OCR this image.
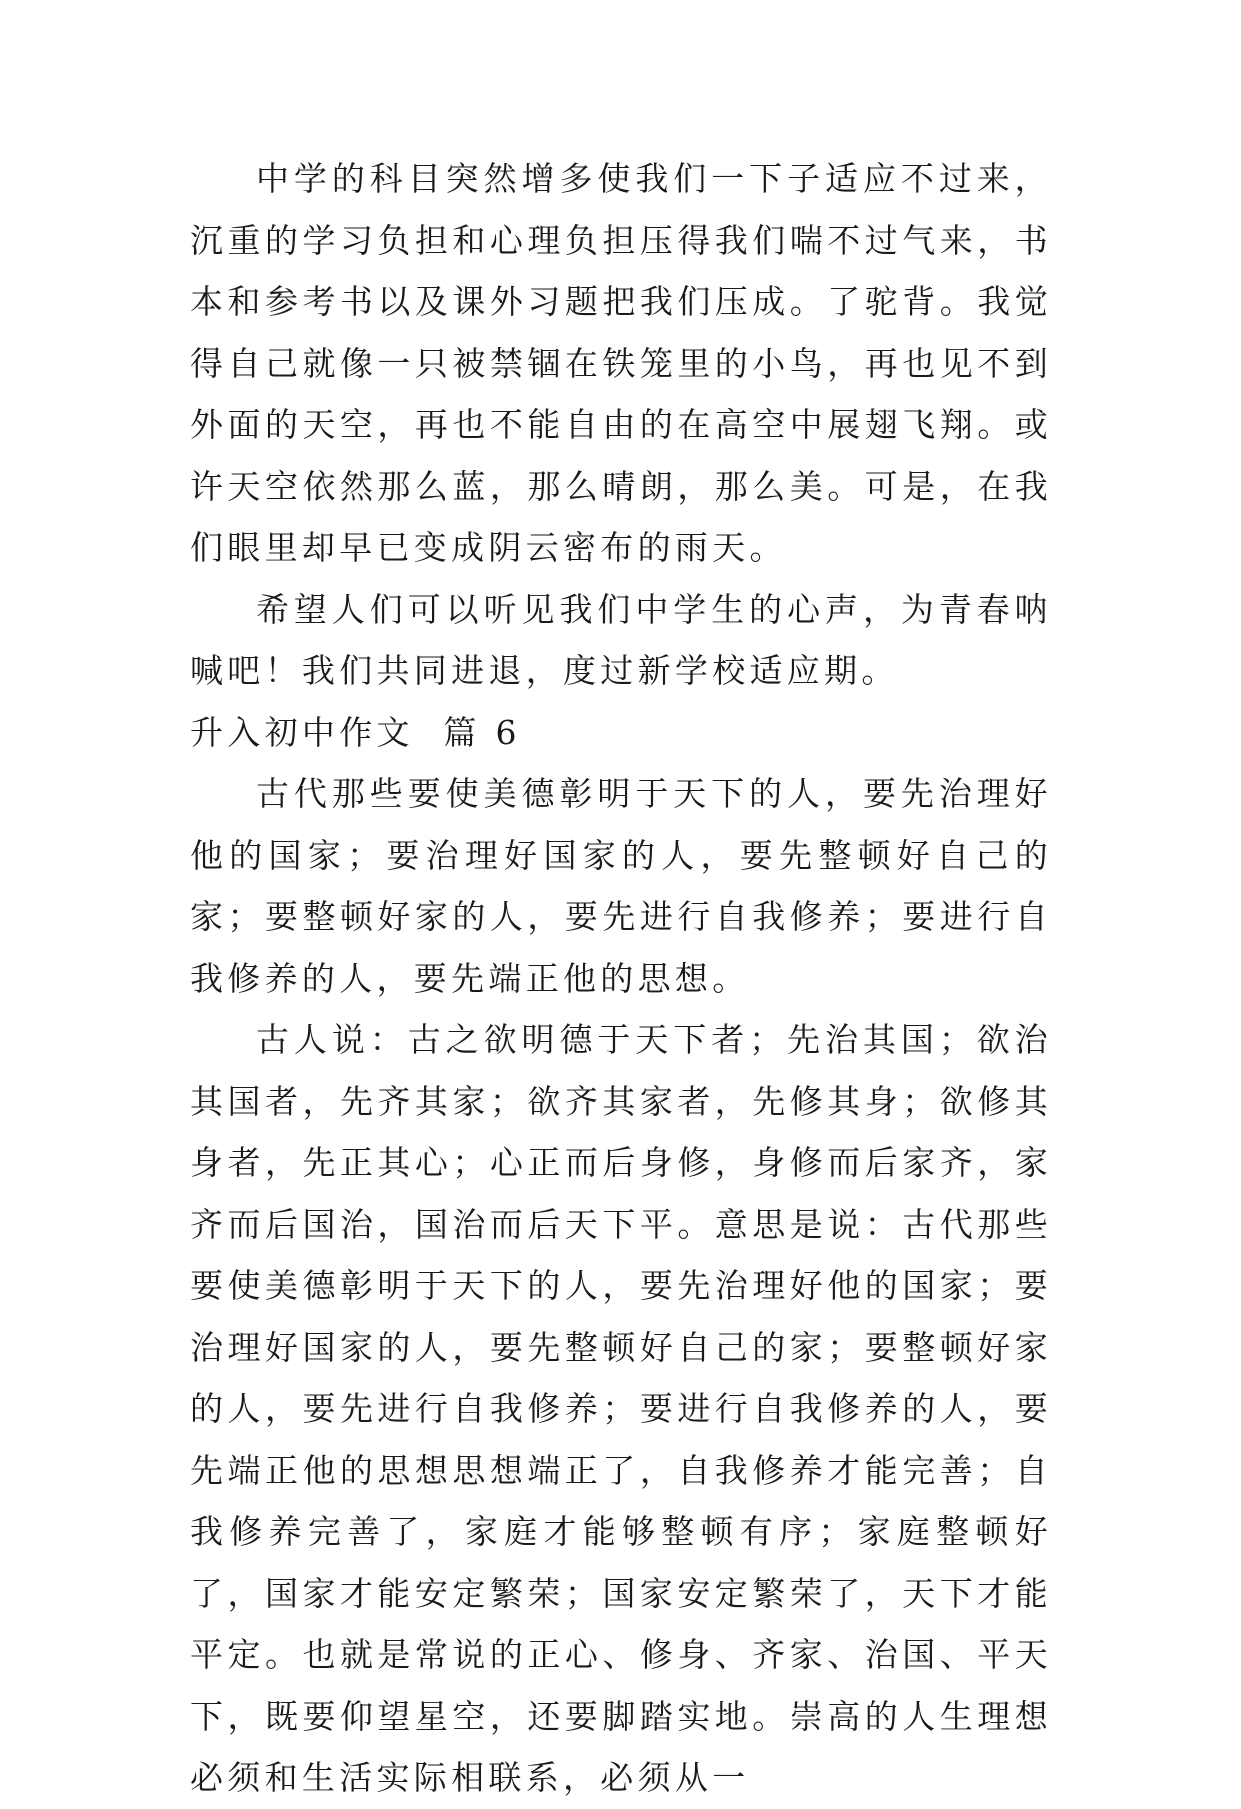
中学的科目突然增多使我们一下子适应不过来，沉重的学习负担和心理负担压得我们喘不过气来，书本和参考书以及课外习题把我们压成。了驼背。我觉得自己就像一只被禁锢在铁笼里的小鸟，再也见不到外面的天空，再也不能自由的在高空中展翅飞翔。或许天空依然那么蓝，那么晴朗，那么美。可是，在我们眼里却早已变成阴云密布的雨天。

希望人们可以听见我们中学生的心声，为青春呐喊吧！我们共同进退，度过新学校适应期。

升入初中作文  篇 6

古代那些要使美德彰明于天下的人，要先治理好他的国家；要治理好国家的人，要先整顿好自己的家；要整顿好家的人，要先进行自我修养；要进行自我修养的人，要先端正他的思想。

古人说：古之欲明德于天下者；先治其国；欲治其国者，先齐其家；欲齐其家者，先修其身；欲修其身者，先正其心；心正而后身修，身修而后家齐，家齐而后国治，国治而后天下平。意思是说：古代那些要使美德彰明于天下的人，要先治理好他的国家；要治理好国家的人，要先整顿好自己的家；要整顿好家的人，要先进行自我修养；要进行自我修养的人，要先端正他的思想思想端正了，自我修养才能完善；自我修养完善了，家庭才能够整顿有序；家庭整顿好了，国家才能安定繁荣；国家安定繁荣了，天下才能平定。也就是常说的正心、修身、齐家、治国、平天下，既要仰望星空，还要脚踏实地。崇高的人生理想必须和生活实际相联系，必须从一
